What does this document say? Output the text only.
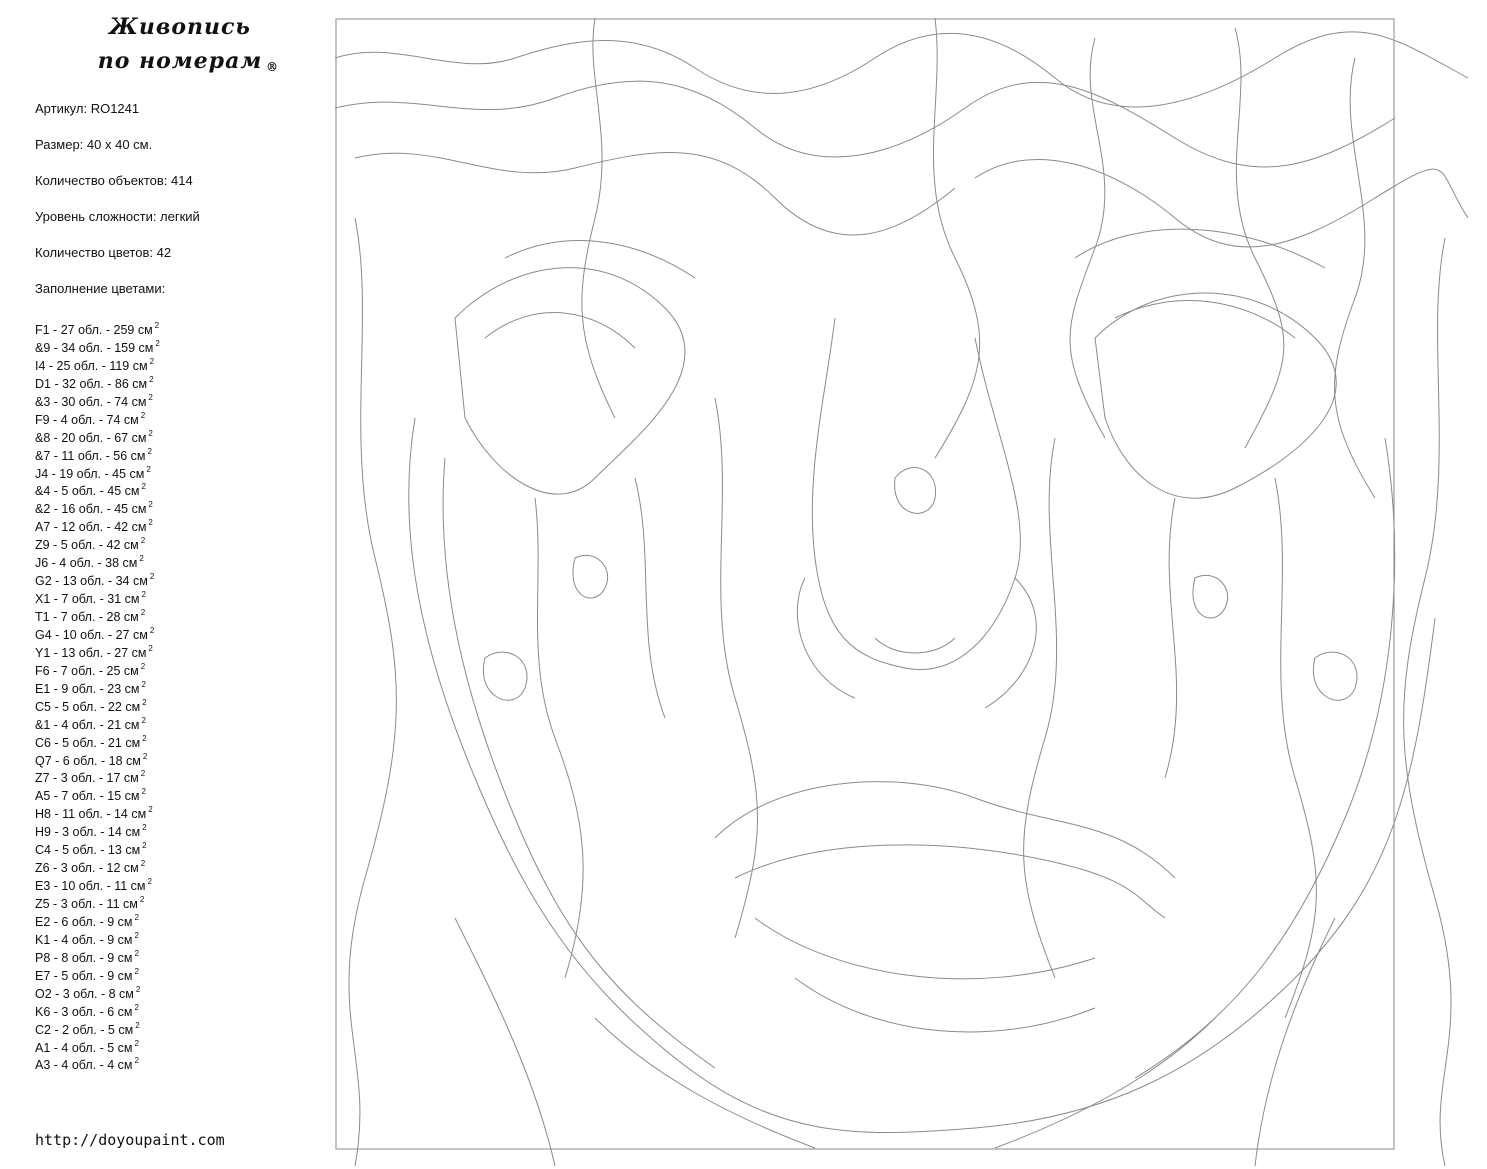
Живопись
по номерам ®
Артикул: RO1241
Размер: 40 х 40 см.
Количество объектов: 414
Уровень сложности: легкий
Количество цветов: 42
Заполнение цветами:
F1 - 27 обл. - 259 см $^2$
&9 - 34 обл. - 159 см $^2$
I4 - 25 обл. - 119 см $^2$
D1 - 32 обл. - 86 см $^2$
&3 - 30 обл. - 74 см $^2$
F9 - 4 обл. - 74 см $^2$
&8 - 20 обл. - 67 см $^2$
&7 - 11 обл. - 56 см $^2$
J4 - 19 обл. - 45 см $^2$
&4 - 5 обл. - 45 см $^2$
&2 - 16 обл. - 45 см $^2$
A7 - 12 обл. - 42 см $^2$
Z9 - 5 обл. - 42 см $^2$
J6 - 4 обл. - 38 см $^2$
G2 - 13 обл. - 34 см $^2$
X1 - 7 обл. - 31 см $^2$
T1 - 7 обл. - 28 см $^2$
G4 - 10 обл. - 27 см $^2$
Y1 - 13 обл. - 27 см $^2$
F6 - 7 обл. - 25 см $^2$
E1 - 9 обл. - 23 см $^2$
C5 - 5 обл. - 22 см $^2$
&1 - 4 обл. - 21 см $^2$
C6 - 5 обл. - 21 см $^2$
Q7 - 6 обл. - 18 см $^2$
Z7 - 3 обл. - 17 см $^2$
A5 - 7 обл. - 15 см $^2$
H8 - 11 обл. - 14 см $^2$
H9 - 3 обл. - 14 см $^2$
C4 - 5 обл. - 13 см $^2$
Z6 - 3 обл. - 12 см $^2$
E3 - 10 обл. - 11 см $^2$
Z5 - 3 обл. - 11 см $^2$
E2 - 6 обл. - 9 см $^2$
K1 - 4 обл. - 9 см $^2$
P8 - 8 обл. - 9 см $^2$
E7 - 5 обл. - 9 см $^2$
O2 - 3 обл. - 8 см $^2$
K6 - 3 обл. - 6 см $^2$
C2 - 2 обл. - 5 см $^2$
A1 - 4 обл. - 5 см $^2$
A3 - 4 обл. - 4 см $^2$
http://doyoupaint.com
